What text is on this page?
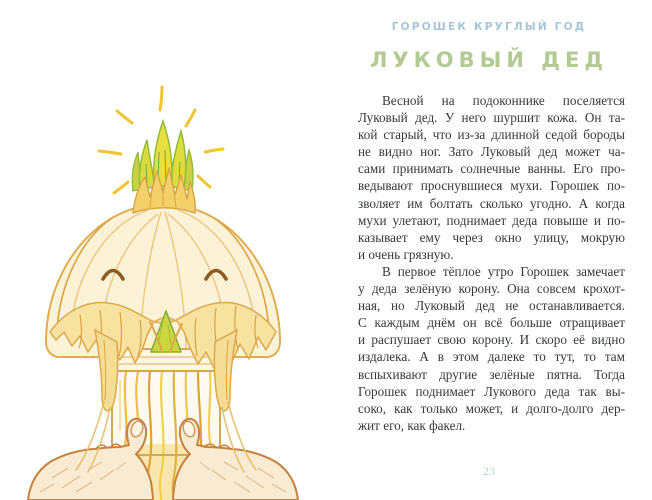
ГОРОШЕК КРУГЛЫЙ ГОД
ЛУКОВЫЙ ДЕД
Весной на подоконнике поселяется
Луковый дед. У него шуршит кожа. Он та-
кой старый, что из-за длинной седой бороды
не видно ног. Зато Луковый дед может ча-
сами принимать солнечные ванны. Его про-
ведывают проснувшиеся мухи. Горошек по-
зволяет им болтать сколько угодно. А когда
мухи улетают, поднимает деда повыше и по-
казывает ему через окно улицу, мокрую
и очень грязную.
В первое тёплое утро Горошек замечает
у деда зелёную корону. Она совсем крохот-
ная, но Луковый дед не останавливается.
С каждым днём он всё больше отращивает
и распушает свою корону. И скоро её видно
издалека. А в этом далеке то тут, то там
вспыхивают другие зелёные пятна. Тогда
Горошек поднимает Лукового деда так вы-
соко, как только может, и долго-долго дер-
жит его, как факел.
23
